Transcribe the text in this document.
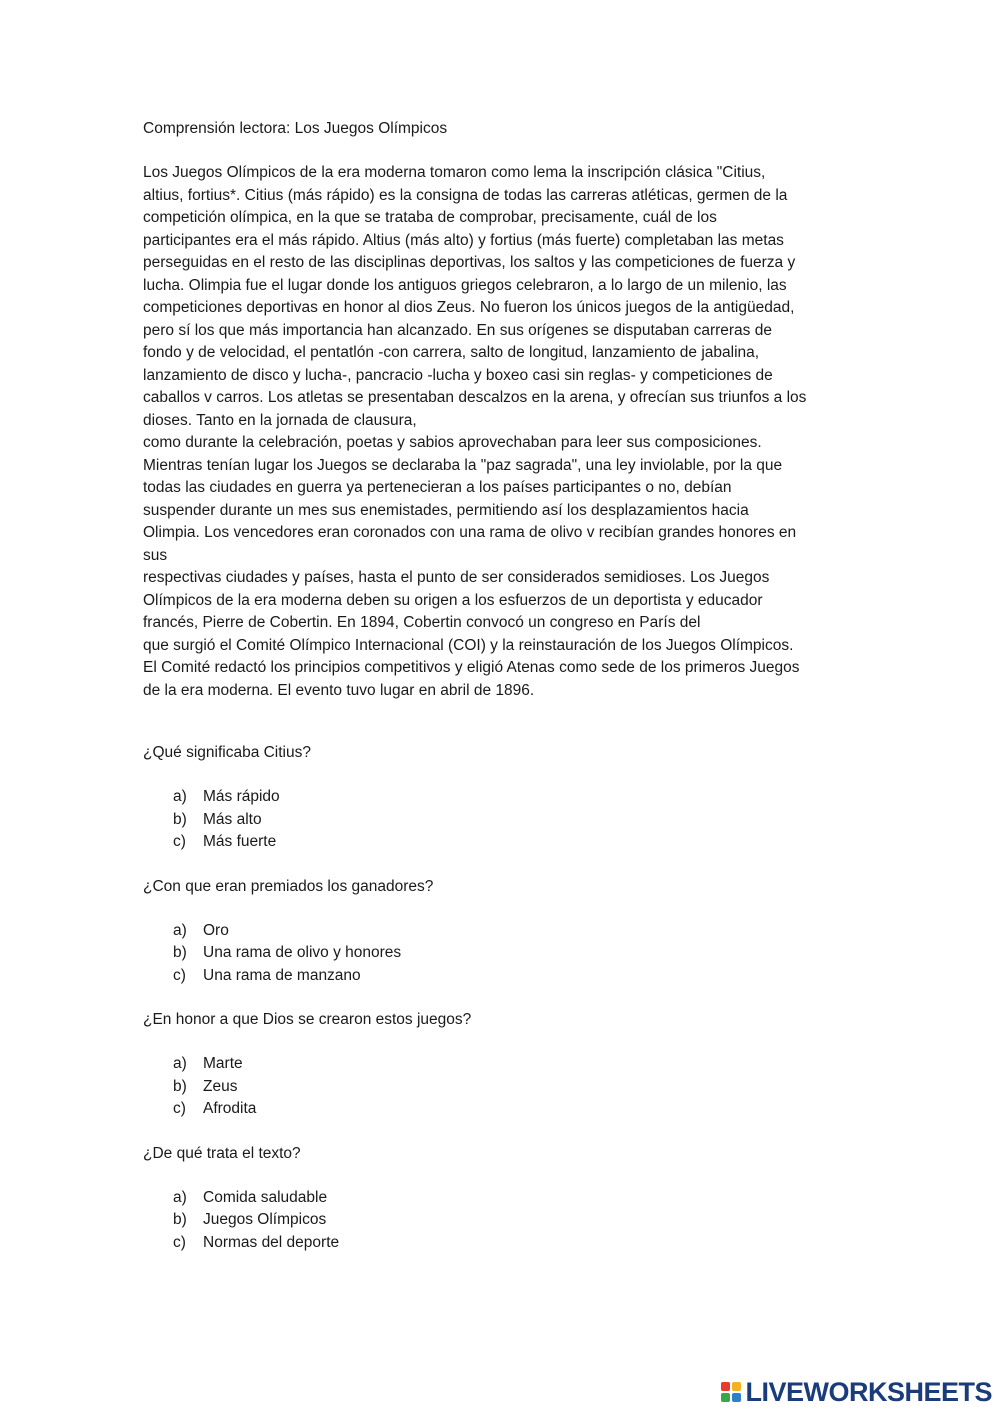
Comprensión lectora: Los Juegos Olímpicos

Los Juegos Olímpicos de la era moderna tomaron como lema la inscripción clásica "Citius,
altius, fortius*. Citius (más rápido) es la consigna de todas las carreras atléticas, germen de la
competición olímpica, en la que se trataba de comprobar, precisamente, cuál de los
participantes era el más rápido. Altius (más alto) y fortius (más fuerte) completaban las metas
perseguidas en el resto de las disciplinas deportivas, los saltos y las competiciones de fuerza y
lucha. Olimpia fue el lugar donde los antiguos griegos celebraron, a lo largo de un milenio, las
competiciones deportivas en honor al dios Zeus. No fueron los únicos juegos de la antigüedad,
pero sí los que más importancia han alcanzado. En sus orígenes se disputaban carreras de
fondo y de velocidad, el pentatlón -con carrera, salto de longitud, lanzamiento de jabalina,
lanzamiento de disco y lucha-, pancracio -lucha y boxeo casi sin reglas- y competiciones de
caballos v carros. Los atletas se presentaban descalzos en la arena, y ofrecían sus triunfos a los
dioses. Tanto en la jornada de clausura,
como durante la celebración, poetas y sabios aprovechaban para leer sus composiciones.
Mientras tenían lugar los Juegos se declaraba la "paz sagrada", una ley inviolable, por la que
todas las ciudades en guerra ya pertenecieran a los países participantes o no, debían
suspender durante un mes sus enemistades, permitiendo así los desplazamientos hacia
Olimpia. Los vencedores eran coronados con una rama de olivo v recibían grandes honores en
sus
respectivas ciudades y países, hasta el punto de ser considerados semidioses. Los Juegos
Olímpicos de la era moderna deben su origen a los esfuerzos de un deportista y educador
francés, Pierre de Cobertin. En 1894, Cobertin convocó un congreso en París del
que surgió el Comité Olímpico Internacional (COI) y la reinstauración de los Juegos Olímpicos.
El Comité redactó los principios competitivos y eligió Atenas como sede de los primeros Juegos
de la era moderna. El evento tuvo lugar en abril de 1896.

¿Qué significaba Citius?

a)	Más rápido
b)	Más alto
c)	Más fuerte

¿Con que eran premiados los ganadores?

a)	Oro
b)	Una rama de olivo y honores
c)	Una rama de manzano

¿En honor a que Dios se crearon estos juegos?

a)	Marte
b)	Zeus
c)	Afrodita

¿De qué trata el texto?

a)	Comida saludable
b)	Juegos Olímpicos
c)	Normas del deporte
LIVEWORKSHEETS
